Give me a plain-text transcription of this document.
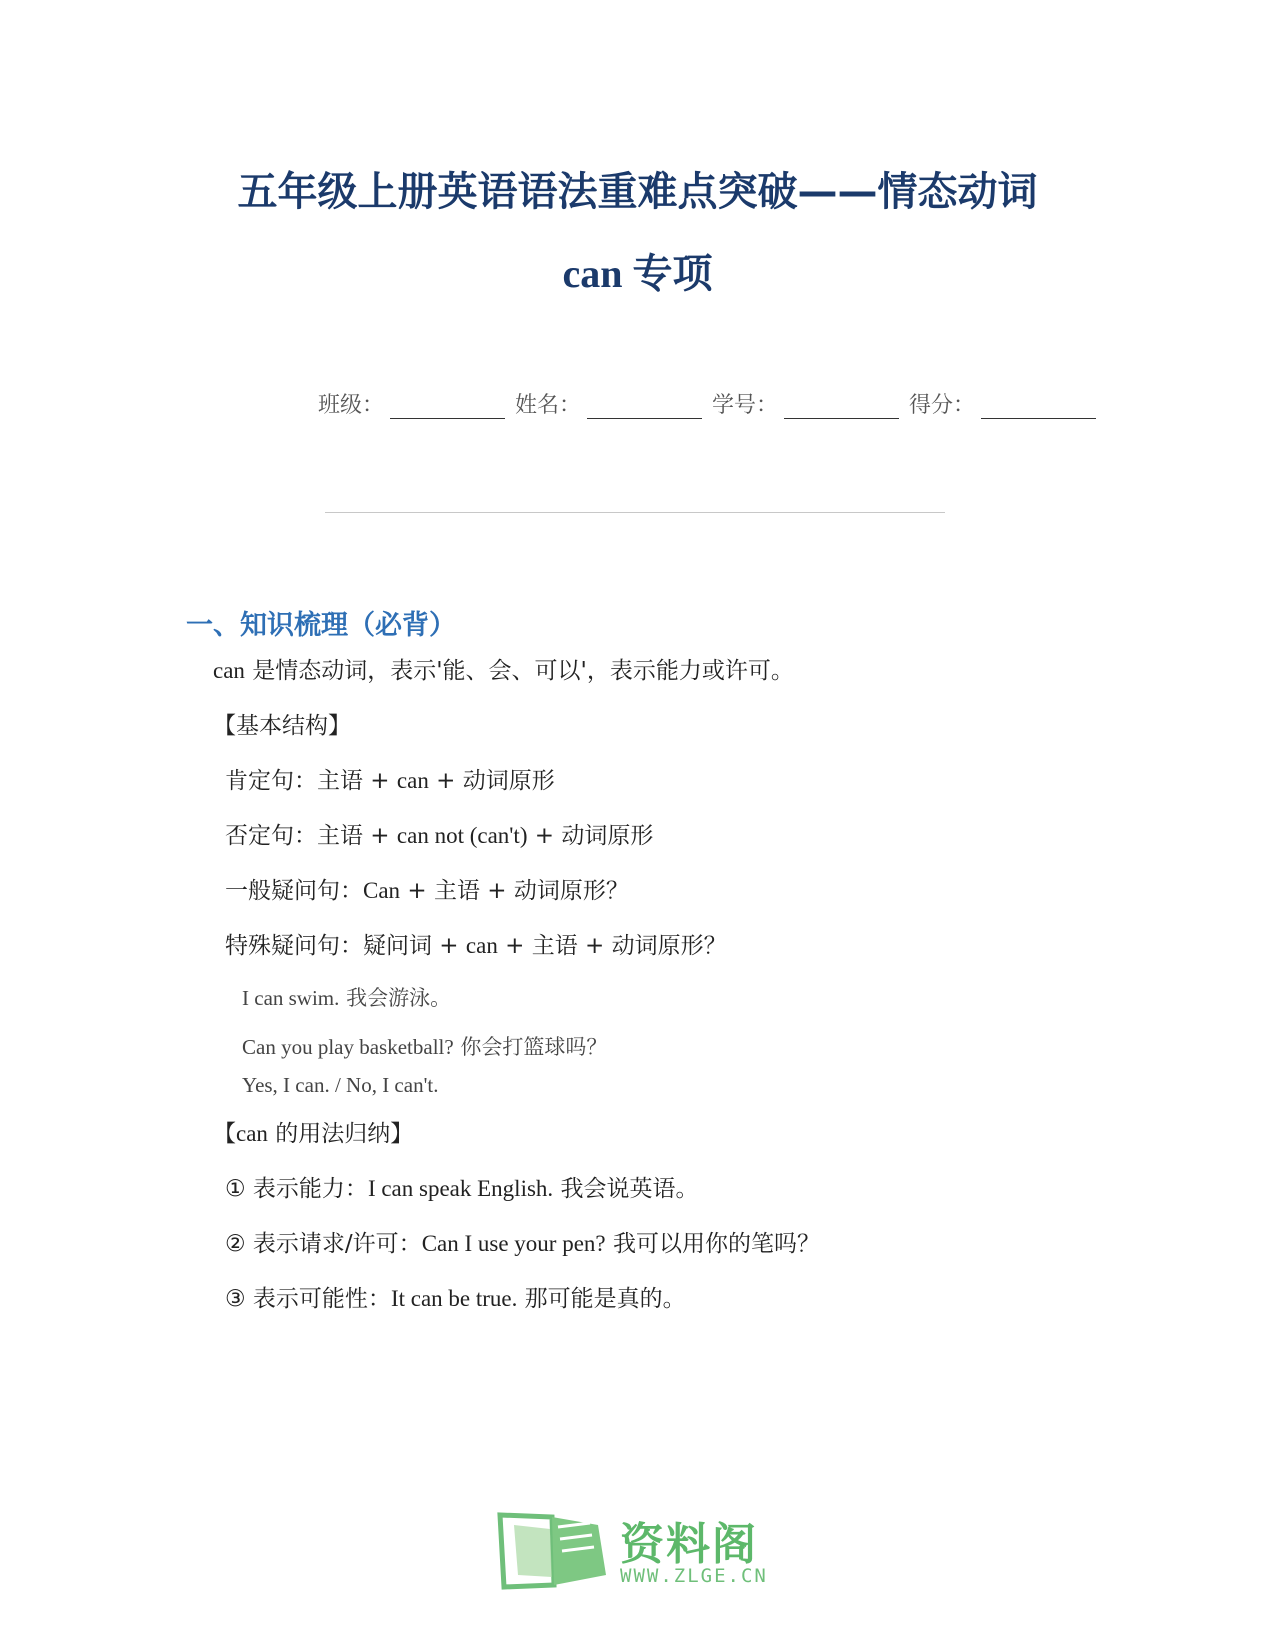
五年级上册英语语法重难点突破——情态动词
can 专项
班级：	姓名：	学号：	得分：
一、知识梳理（必背）
can 是情态动词，表示'能、会、可以'，表示能力或许可。
【基本结构】
肯定句：主语 + can + 动词原形
否定句：主语 + can not (can't) + 动词原形
一般疑问句：Can + 主语 + 动词原形？
特殊疑问句：疑问词 + can + 主语 + 动词原形？
I can swim. 我会游泳。
Can you play basketball? 你会打篮球吗？
Yes, I can. / No, I can't.
【can 的用法归纳】
① 表示能力：I can speak English. 我会说英语。
② 表示请求/许可：Can I use your pen? 我可以用你的笔吗？
③ 表示可能性：It can be true. 那可能是真的。
资料阁
WWW.ZLGE.CN
